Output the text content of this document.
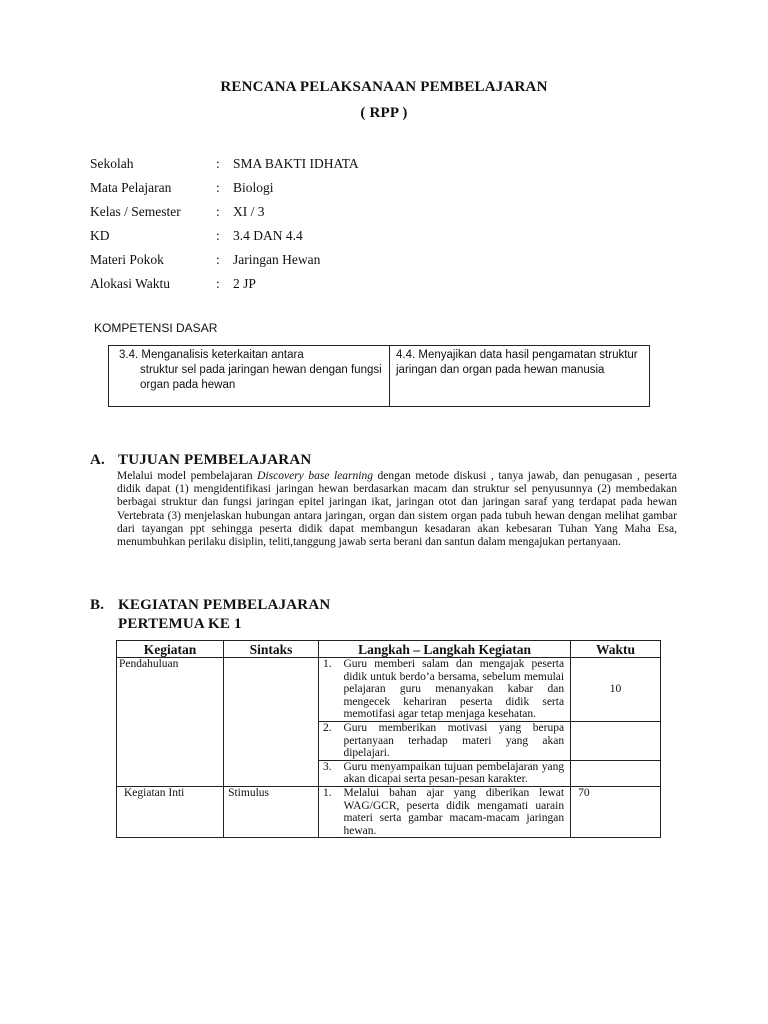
RENCANA PELAKSANAAN PEMBELAJARAN
( RPP )
Sekolah	:	SMA BAKTI IDHATA
Mata Pelajaran	:	Biologi
Kelas / Semester	:	XI / 3
KD	:	3.4 DAN 4.4
Materi Pokok	:	Jaringan Hewan
Alokasi Waktu	:	2 JP
KOMPETENSI DASAR
3.4. Menganalisis keterkaitan antara
struktur sel pada jaringan hewan dengan fungsi organ pada hewan
	4.4. Menyajikan data hasil pengamatan struktur jaringan dan organ pada hewan manusia
A. TUJUAN PEMBELAJARAN
Melalui model pembelajaran Discovery base learning dengan metode diskusi , tanya jawab, dan penugasan , peserta didik dapat (1) mengidentifikasi jaringan hewan berdasarkan macam dan struktur sel penyusunnya (2) membedakan berbagai struktur dan fungsi jaringan epitel jaringan ikat, jaringan otot dan jaringan saraf yang terdapat pada hewan Vertebrata (3) menjelaskan hubungan antara jaringan, organ dan sistem organ pada tubuh hewan dengan melihat gambar dari tayangan ppt sehingga peserta didik dapat membangun kesadaran akan kebesaran Tuhan Yang Maha Esa, menumbuhkan perilaku disiplin, teliti,tanggung jawab serta berani dan santun dalam mengajukan pertanyaan.
B. KEGIATAN PEMBELAJARAN
PERTEMUA KE 1
Kegiatan	Sintaks	Langkah – Langkah Kegiatan		Waktu
Pendahuluan		1.	Guru memberi salam dan mengajak peserta didik untuk berdo’a bersama, sebelum memulai pelajaran guru menanyakan kabar dan mengecek kehariran peserta didik serta memotifasi agar tetap menjaga kesehatan.	10
		2.	Guru memberikan motivasi yang berupa pertanyaan terhadap materi yang akan dipelajari.	
		3.	Guru menyampaikan tujuan pembelajaran yang akan dicapai serta pesan-pesan karakter.	
Kegiatan Inti	Stimulus	1.	Melalui bahan ajar yang diberikan lewat WAG/GCR, peserta didik mengamati uarain materi serta gambar macam-macam jaringan hewan.	70
